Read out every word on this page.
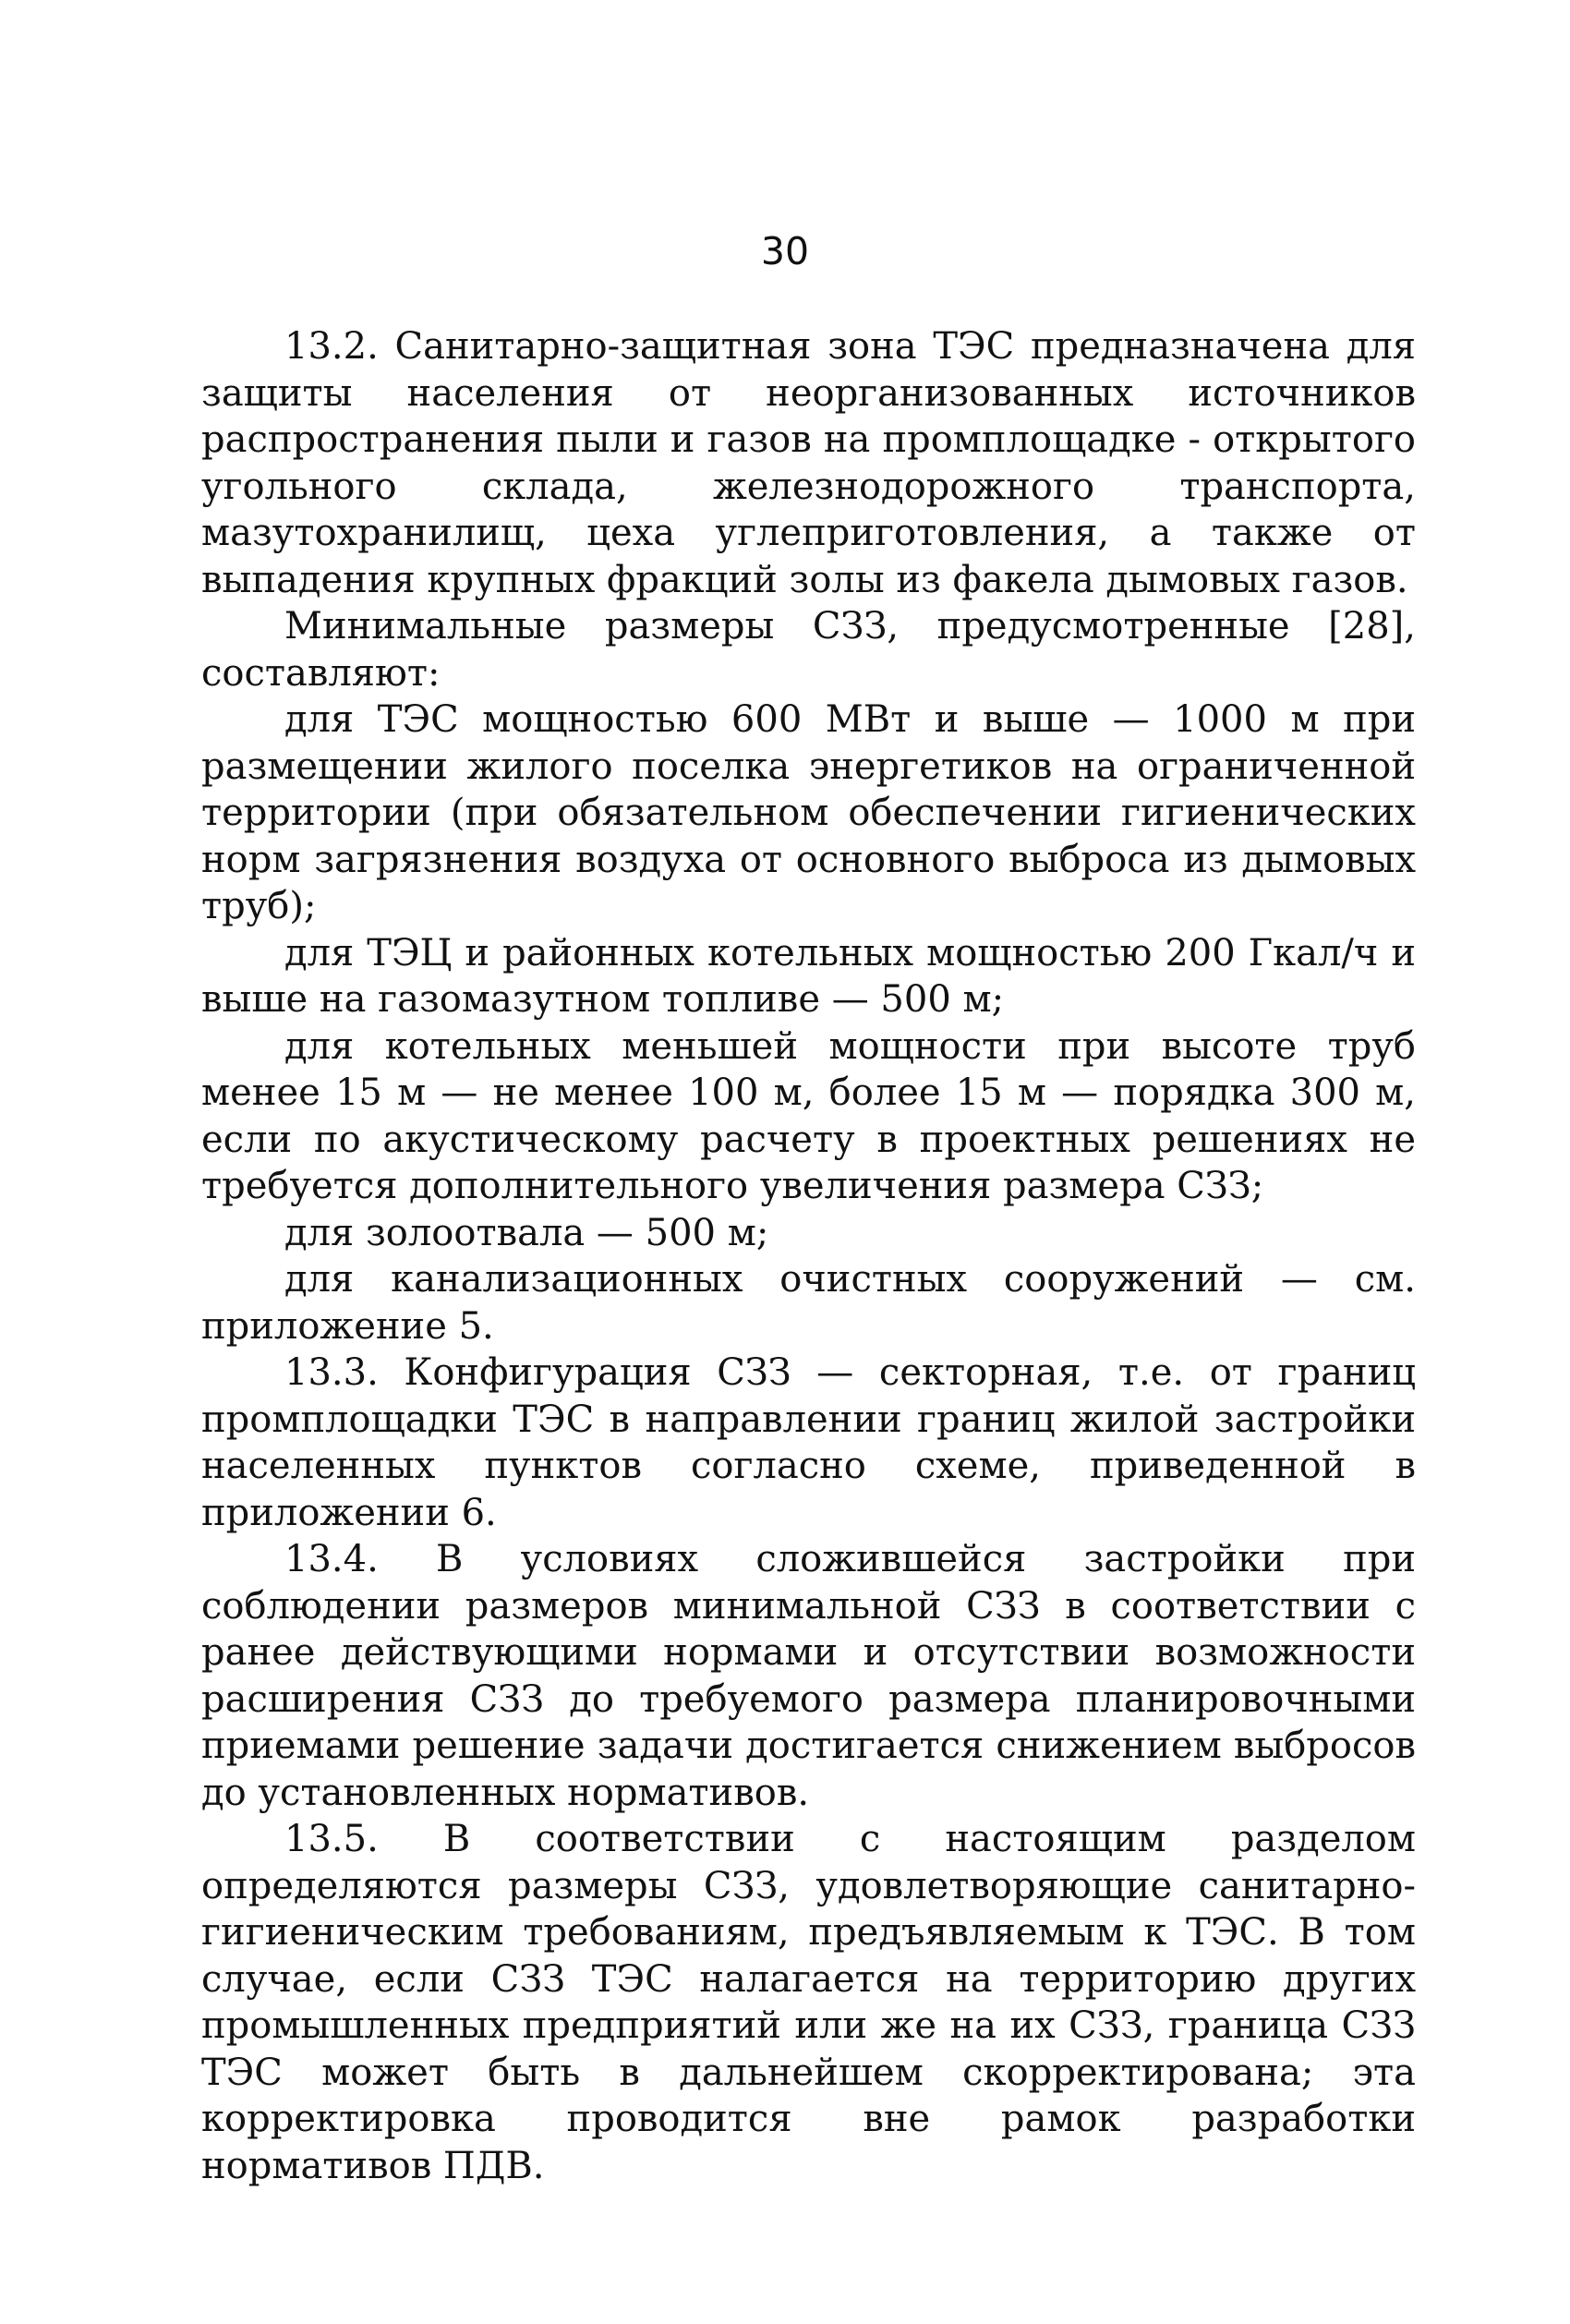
30

13.2. Санитарно-защитная зона ТЭС предназначена для защиты населения от неорганизованных источников распространения пыли и газов на промплощадке - открытого угольного склада, железнодорожного транспорта, мазутохранилищ, цеха углеприготовления, а также от выпадения крупных фракций золы из факела дымовых газов.

Минимальные размеры СЗЗ, предусмотренные [28], составляют:

для ТЭС мощностью 600 МВт и выше — 1000 м при размещении жилого поселка энергетиков на ограниченной территории (при обязательном обеспечении гигиенических норм загрязнения воздуха от основного выброса из дымовых труб);

для ТЭЦ и районных котельных мощностью 200 Гкал/ч и выше на газомазутном топливе — 500 м;

для котельных меньшей мощности при высоте труб менее 15 м — не менее 100 м, более 15 м — порядка 300 м, если по акустическому расчету в проектных решениях не требуется дополнительного увеличения размера СЗЗ;

для золоотвала — 500 м;

для канализационных очистных сооружений — см. приложение 5.

13.3. Конфигурация СЗЗ — секторная, т.е. от границ промплощадки ТЭС в направлении границ жилой застройки населенных пунктов согласно схеме, приведенной в приложении 6.

13.4. В условиях сложившейся застройки при соблюдении размеров минимальной СЗЗ в соответствии с ранее действующими нормами и отсутствии возможности расширения СЗЗ до требуемого размера планировочными приемами решение задачи достигается снижением выбросов до установленных нормативов.

13.5. В соответствии с настоящим разделом определяются размеры СЗЗ, удовлетворяющие санитарно-гигиеническим требованиям, предъявляемым к ТЭС. В том случае, если СЗЗ ТЭС налагается на территорию других промышленных предприятий или же на их СЗЗ, граница СЗЗ ТЭС может быть в дальнейшем скорректирована; эта корректировка проводится вне рамок разработки нормативов ПДВ.
